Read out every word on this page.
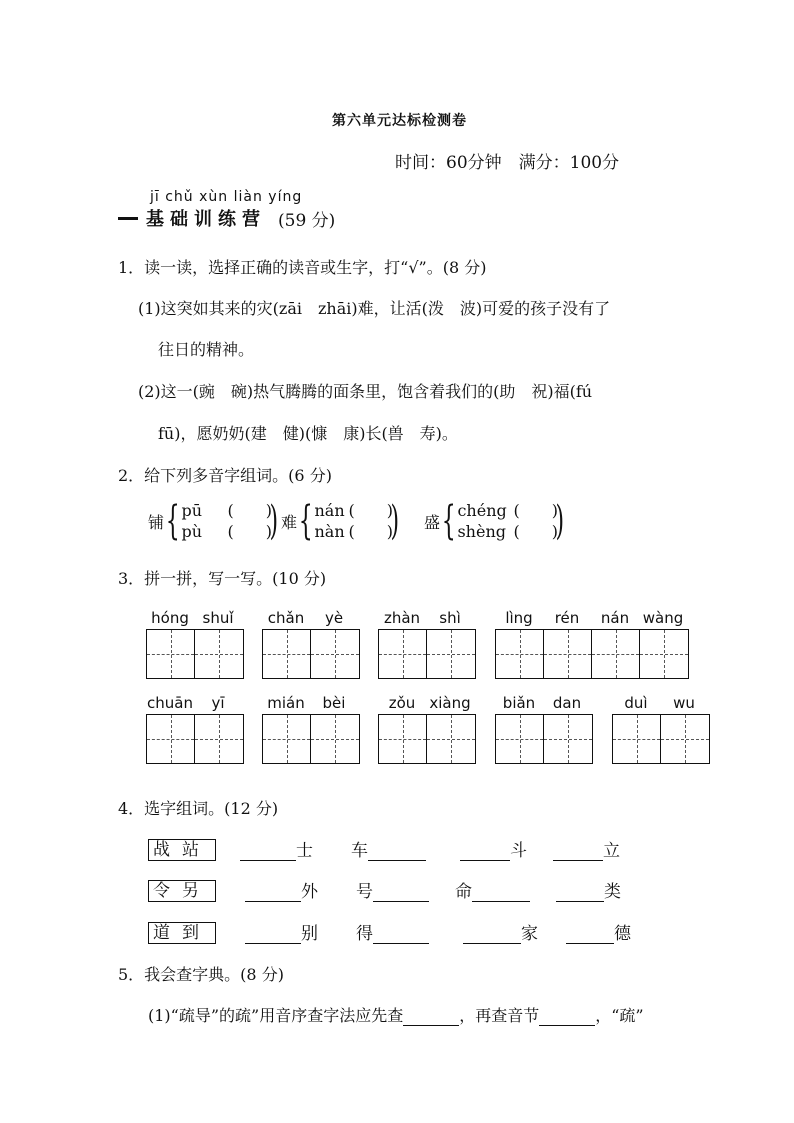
第六单元达标检测卷
时间：60分钟　满分：100分
jī chǔ xùn liàn yíng
基础训练营 (59 分)
1．读一读，选择正确的读音或生字，打“√”。(8 分)
(1)这突如其来的灾(zāi　zhāi)难，让活(泼　波)可爱的孩子没有了
往日的精神。
(2)这一(豌　碗)热气腾腾的面条里，饱含着我们的(助　祝)福(fú
fū)，愿奶奶(建　健)(慷　康)长(兽　寿)。
2．给下列多音字组词。(6 分)
铺 { pū (　　)
pù (　　)
) 难 { nán (　　)
nàn (　　)
) 盛 { chéng (　　)
shèng (　　)
)
3．拼一拼，写一写。(10 分)
hóng shuǐ	chǎn	yè	zhàn	shì	lìng	rén	nán wàng
chuān	yī	mián	bèi	zǒu xiàng	biǎn	dan	duì	wu
4．选字组词。(12 分)
战站	士 车	斗	立
令另	外 号	命	类
道到	别 得	家	德
5．我会查字典。(8 分)
(1)“疏导”的疏”用音序查字法应先查	，再查音节	，“疏”
